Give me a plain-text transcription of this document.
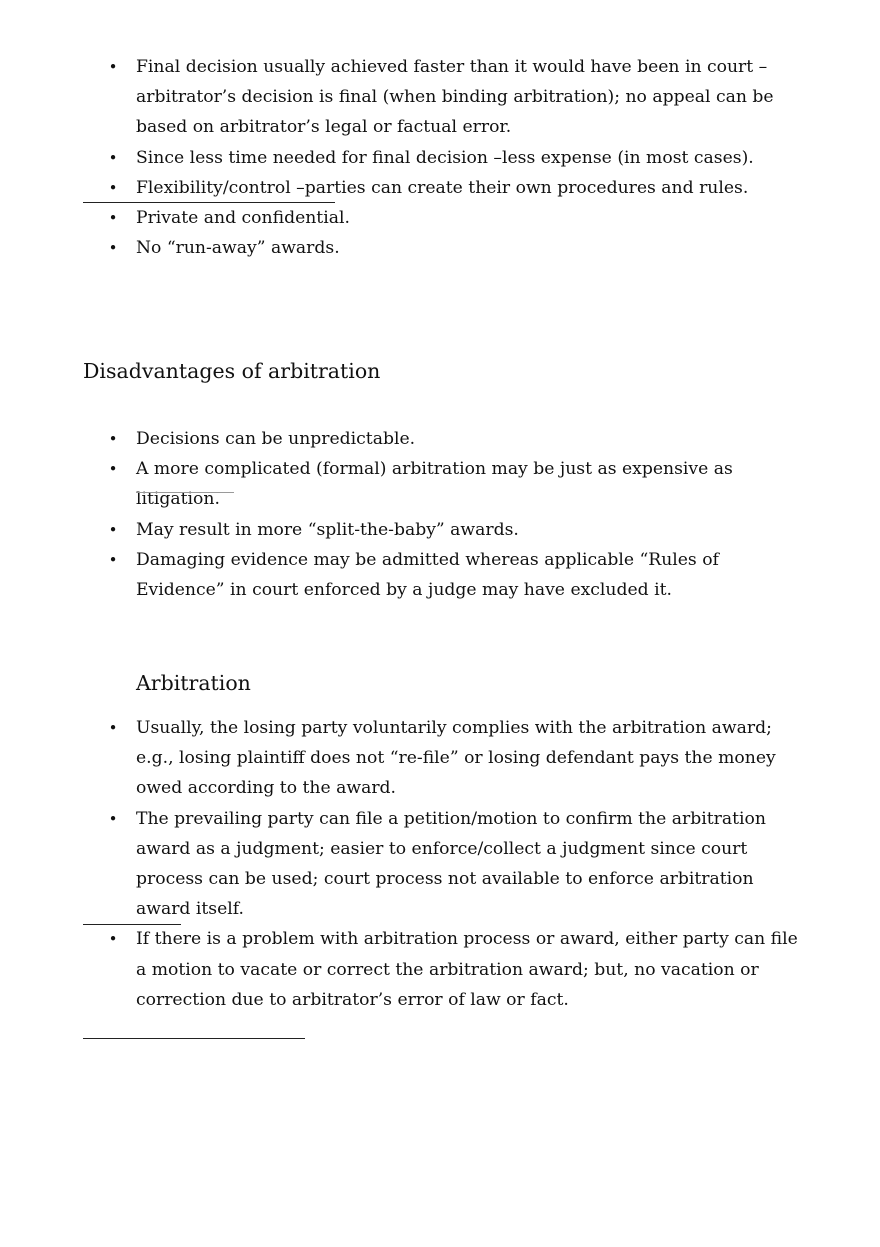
• Final decision usually achieved faster than it would have been in court – arbitrator’s decision is final (when binding arbitration); no appeal can be based on arbitrator’s legal or factual error.
• Since less time needed for final decision –less expense (in most cases).
• Flexibility/control –parties can create their own procedures and rules.
• Private and confidential.
• No “run-away” awards.
Disadvantages of arbitration
• Decisions can be unpredictable.
• A more complicated (formal) arbitration may be just as expensive as litigation.
• May result in more “split-the-baby” awards.
• Damaging evidence may be admitted whereas applicable “Rules of Evidence” in court enforced by a judge may have excluded it.
Arbitration
• Usually, the losing party voluntarily complies with the arbitration award; e.g., losing plaintiff does not “re-file” or losing defendant pays the money owed according to the award.
• The prevailing party can file a petition/motion to confirm the arbitration award as a judgment; easier to enforce/collect a judgment since court process can be used; court process not available to enforce arbitration award itself.
• If there is a problem with arbitration process or award, either party can file a motion to vacate or correct the arbitration award; but, no vacation or correction due to arbitrator’s error of law or fact.
